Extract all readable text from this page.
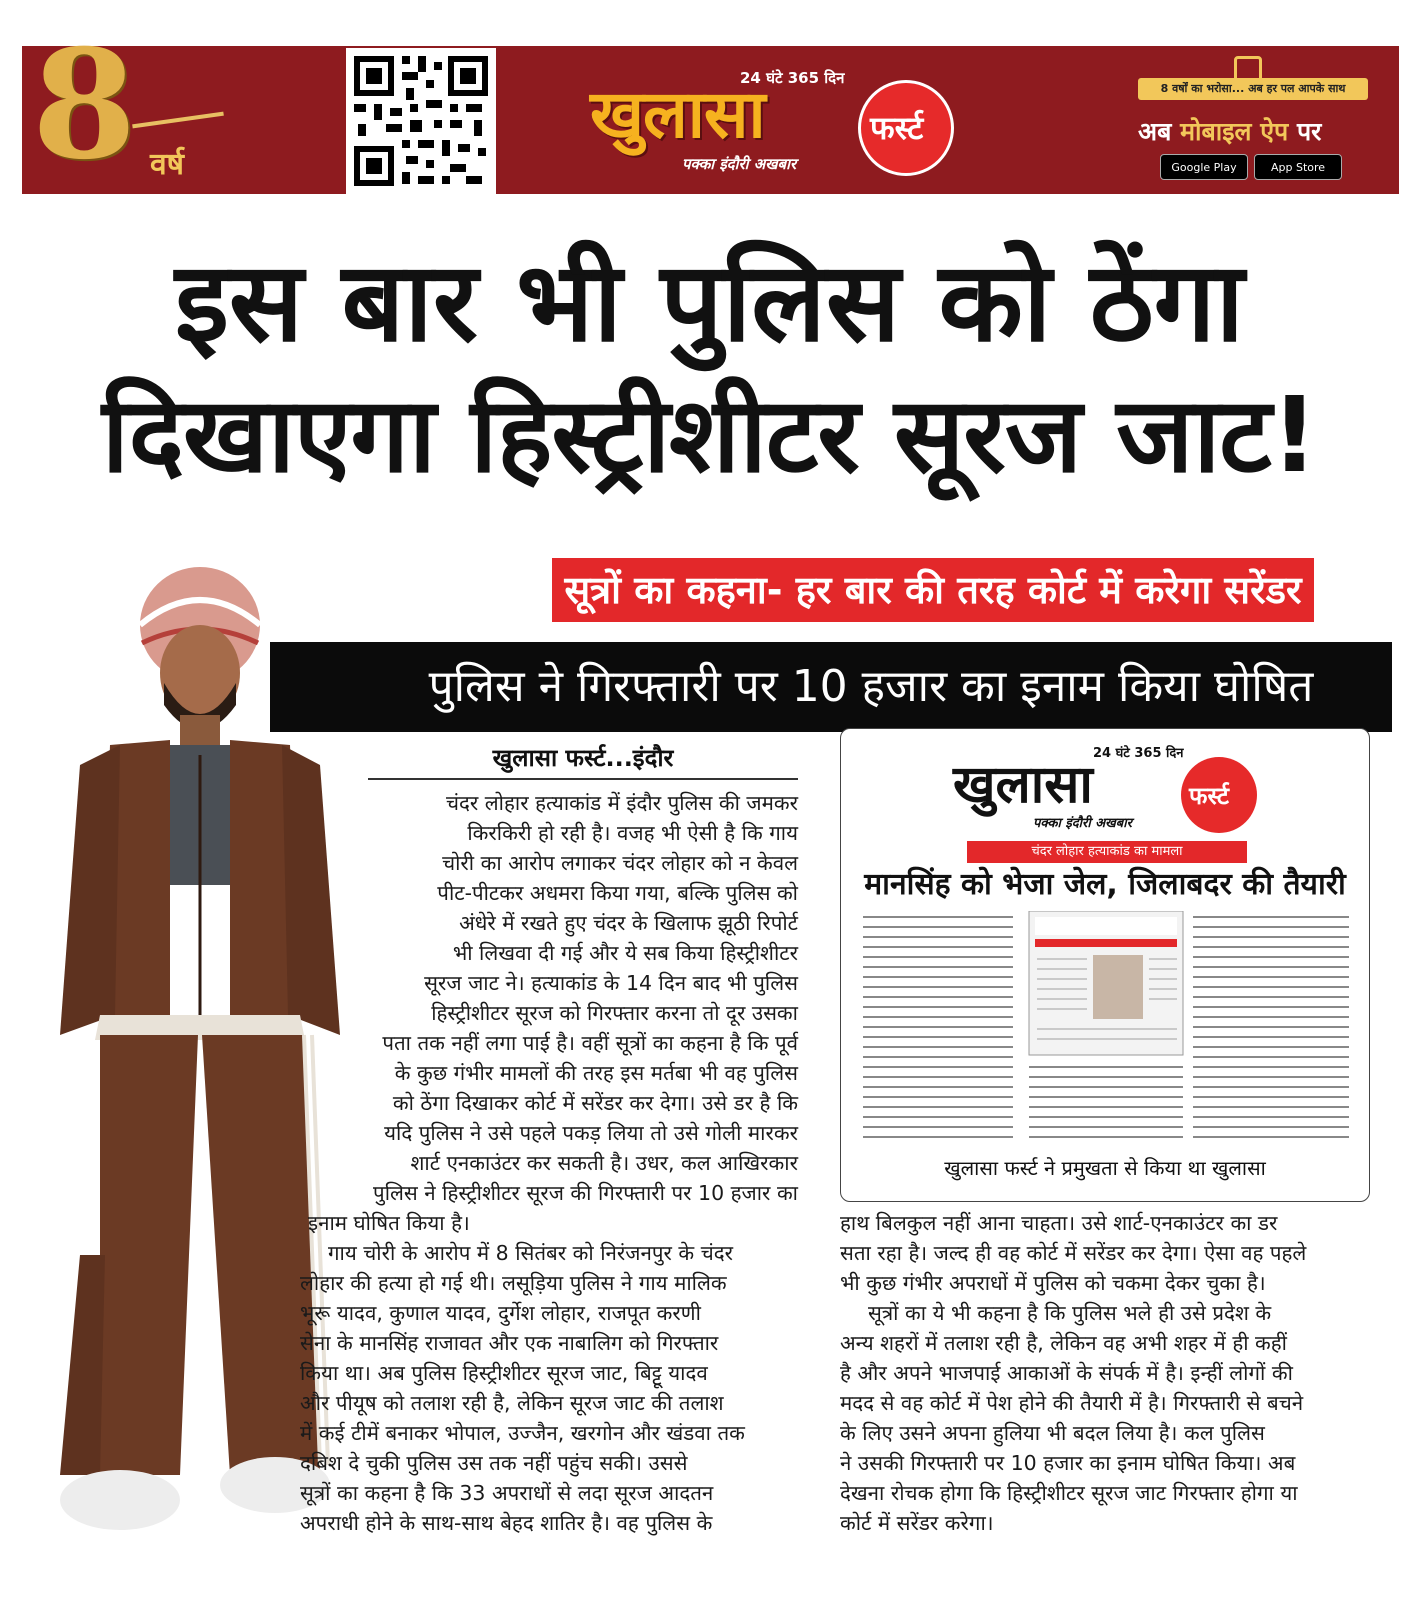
8 वर्ष
24 घंटे 365 दिन
खुलासा	फर्स्ट
पक्का इंदौरी अखबार
8 वर्षों का भरोसा... अब हर पल आपके साथ
अब मोबाइल ऐप पर
Google Play	App Store
इस बार भी पुलिस को ठेंगा
दिखाएगा हिस्ट्रीशीटर सूरज जाट!
सूत्रों का कहना- हर बार की तरह कोर्ट में करेगा सरेंडर
पुलिस ने गिरफ्तारी पर 10 हजार का इनाम किया घोषित
खुलासा फर्स्ट...इंदौर

चंदर लोहार हत्याकांड में इंदौर पुलिस की जमकर

किरकिरी हो रही है। वजह भी ऐसी है कि गाय

चोरी का आरोप लगाकर चंदर लोहार को न केवल

पीट-पीटकर अधमरा किया गया, बल्कि पुलिस को

अंधेरे में रखते हुए चंदर के खिलाफ झूठी रिपोर्ट

भी लिखवा दी गई और ये सब किया हिस्ट्रीशीटर

सूरज जाट ने। हत्याकांड के 14 दिन बाद भी पुलिस

हिस्ट्रीशीटर सूरज को गिरफ्तार करना तो दूर उसका

पता तक नहीं लगा पाई है। वहीं सूत्रों का कहना है कि पूर्व

के कुछ गंभीर मामलों की तरह इस मर्तबा भी वह पुलिस

को ठेंगा दिखाकर कोर्ट में सरेंडर कर देगा। उसे डर है कि

यदि पुलिस ने उसे पहले पकड़ लिया तो उसे गोली मारकर

शार्ट एनकाउंटर कर सकती है। उधर, कल आखिरकार

पुलिस ने हिस्ट्रीशीटर सूरज की गिरफ्तारी पर 10 हजार का

इनाम घोषित किया है।

गाय चोरी के आरोप में 8 सितंबर को निरंजनपुर के चंदर

लोहार की हत्या हो गई थी। लसूड़िया पुलिस ने गाय मालिक

भूरू यादव, कुणाल यादव, दुर्गेश लोहार, राजपूत करणी

सेना के मानसिंह राजावत और एक नाबालिग को गिरफ्तार

किया था। अब पुलिस हिस्ट्रीशीटर सूरज जाट, बिट्टू यादव

और पीयूष को तलाश रही है, लेकिन सूरज जाट की तलाश

में कई टीमें बनाकर भोपाल, उज्जैन, खरगोन और खंडवा तक

दबिश दे चुकी पुलिस उस तक नहीं पहुंच सकी। उससे

सूत्रों का कहना है कि 33 अपराधों से लदा सूरज आदतन

अपराधी होने के साथ-साथ बेहद शातिर है। वह पुलिस के

हाथ बिलकुल नहीं आना चाहता। उसे शार्ट-एनकाउंटर का डर

सता रहा है। जल्द ही वह कोर्ट में सरेंडर कर देगा। ऐसा वह पहले

भी कुछ गंभीर अपराधों में पुलिस को चकमा देकर चुका है।

सूत्रों का ये भी कहना है कि पुलिस भले ही उसे प्रदेश के

अन्य शहरों में तलाश रही है, लेकिन वह अभी शहर में ही कहीं

है और अपने भाजपाई आकाओं के संपर्क में है। इन्हीं लोगों की

मदद से वह कोर्ट में पेश होने की तैयारी में है। गिरफ्तारी से बचने

के लिए उसने अपना हुलिया भी बदल लिया है। कल पुलिस

ने उसकी गिरफ्तारी पर 10 हजार का इनाम घोषित किया। अब

देखना रोचक होगा कि हिस्ट्रीशीटर सूरज जाट गिरफ्तार होगा या

कोर्ट में सरेंडर करेगा।

24 घंटे 365 दिन
खुलासा	फर्स्ट
पक्का इंदौरी अखबार
चंदर लोहार हत्याकांड का मामला
मानसिंह को भेजा जेल, जिलाबदर की तैयारी
खुलासा फर्स्ट ने प्रमुखता से किया था खुलासा
